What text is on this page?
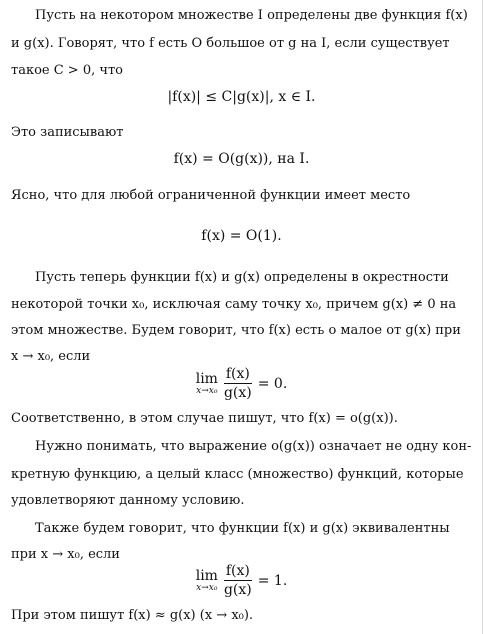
Пусть на некотором множестве I определены две функция f(x)
и g(x). Говорят, что f есть O большое от g на I, если существует
такое C > 0, что
|f(x)| ≤ C|g(x)|, x ∈ I.
Это записывают
f(x) = O(g(x)), на I.
Ясно, что для любой ограниченной функции имеет место
f(x) = O(1).
Пусть теперь функции f(x) и g(x) определены в окрестности
некоторой точки x₀, исключая саму точку x₀, причем g(x) ≠ 0 на
этом множестве. Будем говорит, что f(x) есть o малое от g(x) при
x → x₀, если
lim
$x\to x_0 \frac{f(x)}{g(x)} = 0$.
Соответственно, в этом случае пишут, что f(x) = o(g(x)).
Нужно понимать, что выражение o(g(x)) означает не одну кон-
кретную функцию, а целый класс (множество) функций, которые
удовлетворяют данному условию.
Также будем говорит, что функции f(x) и g(x) эквивалентны
при x → x₀, если
lim
$x\to x_0 \frac{f(x)}{g(x)} = 1$.
При этом пишут f(x) ≈ g(x) (x → x₀).
